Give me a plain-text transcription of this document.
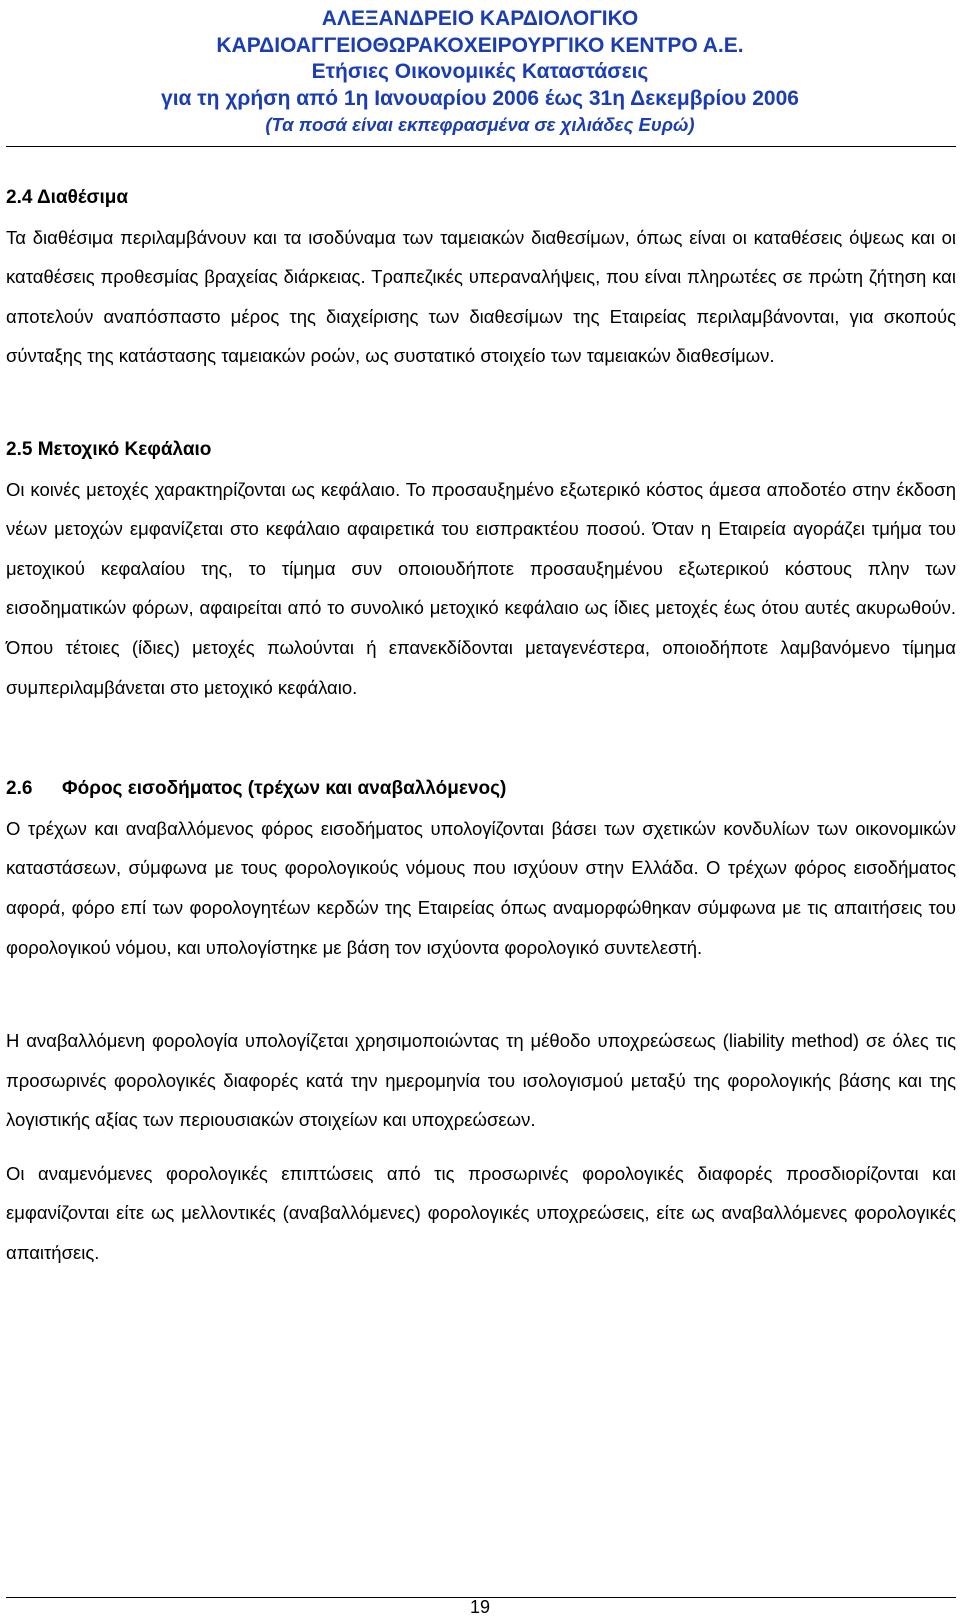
ΑΛΕΞΑΝΔΡΕΙΟ ΚΑΡΔΙΟΛΟΓΙΚΟ
ΚΑΡΔΙΟΑΓΓΕΙΟΘΩΡΑΚΟΧΕΙΡΟΥΡΓΙΚΟ ΚΕΝΤΡΟ Α.Ε.
Ετήσιες Οικονομικές Καταστάσεις
για τη χρήση από 1η Ιανουαρίου 2006 έως 31η Δεκεμβρίου 2006
(Τα ποσά είναι εκπεφρασμένα σε χιλιάδες Ευρώ)
2.4 Διαθέσιμα

Τα διαθέσιμα περιλαμβάνουν και τα ισοδύναμα των ταμειακών διαθεσίμων, όπως είναι οι καταθέσεις όψεως και οι καταθέσεις προθεσμίας βραχείας διάρκειας. Τραπεζικές υπεραναλήψεις, που είναι πληρωτέες σε πρώτη ζήτηση και αποτελούν αναπόσπαστο μέρος της διαχείρισης των διαθεσίμων της Εταιρείας περιλαμβάνονται, για σκοπούς σύνταξης της κατάστασης ταμειακών ροών, ως συστατικό στοιχείο των ταμειακών διαθεσίμων.

2.5 Μετοχικό Κεφάλαιο

Οι κοινές μετοχές χαρακτηρίζονται ως κεφάλαιο. Το προσαυξημένο εξωτερικό κόστος άμεσα αποδοτέο στην έκδοση νέων μετοχών εμφανίζεται στο κεφάλαιο αφαιρετικά του εισπρακτέου ποσού. Όταν η Εταιρεία αγοράζει τμήμα του μετοχικού κεφαλαίου της, το τίμημα συν οποιουδήποτε προσαυξημένου εξωτερικού κόστους πλην των εισοδηματικών φόρων, αφαιρείται από το συνολικό μετοχικό κεφάλαιο ως ίδιες μετοχές έως ότου αυτές ακυρωθούν. Όπου τέτοιες (ίδιες) μετοχές πωλούνται ή επανεκδίδονται μεταγενέστερα, οποιοδήποτε λαμβανόμενο τίμημα συμπεριλαμβάνεται στο μετοχικό κεφάλαιο.

2.6 Φόρος εισοδήματος (τρέχων και αναβαλλόμενος)

Ο τρέχων και αναβαλλόμενος φόρος εισοδήματος υπολογίζονται βάσει των σχετικών κονδυλίων των οικονομικών καταστάσεων, σύμφωνα με τους φορολογικούς νόμους που ισχύουν στην Ελλάδα. Ο τρέχων φόρος εισοδήματος αφορά, φόρο επί των φορολογητέων κερδών της Εταιρείας όπως αναμορφώθηκαν σύμφωνα με τις απαιτήσεις του φορολογικού νόμου, και υπολογίστηκε με βάση τον ισχύοντα φορολογικό συντελεστή.

Η αναβαλλόμενη φορολογία υπολογίζεται χρησιμοποιώντας τη μέθοδο υποχρεώσεως (liability method) σε όλες τις προσωρινές φορολογικές διαφορές κατά την ημερομηνία του ισολογισμού μεταξύ της φορολογικής βάσης και της λογιστικής αξίας των περιουσιακών στοιχείων και υποχρεώσεων.

Οι αναμενόμενες φορολογικές επιπτώσεις από τις προσωρινές φορολογικές διαφορές προσδιορίζονται και εμφανίζονται είτε ως μελλοντικές (αναβαλλόμενες) φορολογικές υποχρεώσεις, είτε ως αναβαλλόμενες φορολογικές απαιτήσεις.

19
